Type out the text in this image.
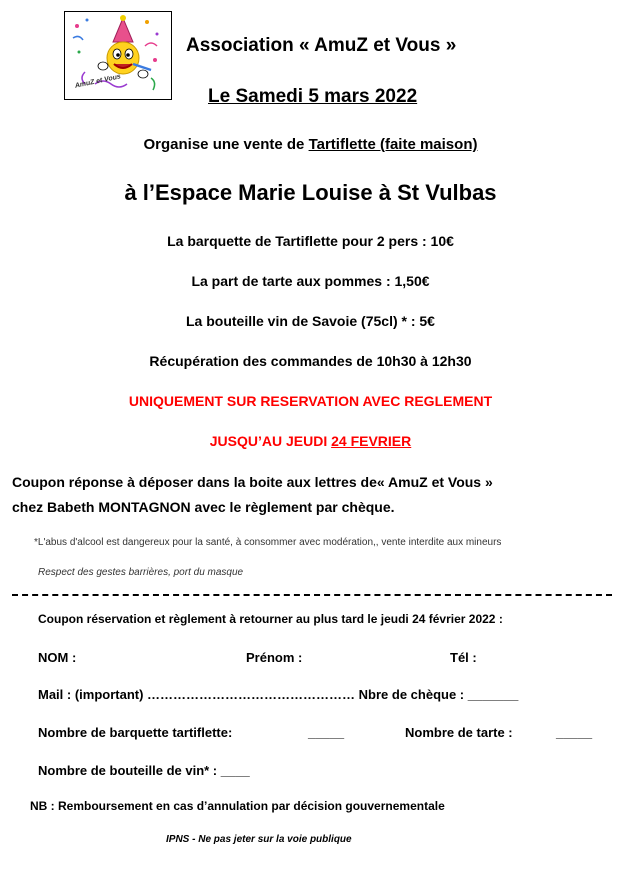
AmuZ et Vous
Association « AmuZ et Vous »
Le Samedi 5 mars 2022
Organise une vente de Tartiflette (faite maison)
à l’Espace Marie Louise à St Vulbas
La barquette de Tartiflette pour 2 pers : 10€
La part de tarte aux pommes : 1,50€
La bouteille vin de Savoie (75cl) * : 5€
Récupération des commandes de 10h30 à 12h30
UNIQUEMENT SUR RESERVATION AVEC REGLEMENT
JUSQU’AU JEUDI 24 FEVRIER
Coupon réponse à déposer dans la boite aux lettres de« AmuZ et Vous »
chez Babeth MONTAGNON avec le règlement par chèque.
*L'abus d'alcool est dangereux pour la santé, à consommer avec modération,, vente interdite aux mineurs
Respect des gestes barrières, port du masque
Coupon réservation et règlement à retourner au plus tard le jeudi 24 février 2022 :
NOM :	Prénom :	Tél :
Mail : (important) ………………………………………… Nbre de chèque : _______
Nombre de barquette tartiflette:	_____	Nombre de tarte :	_____
Nombre de bouteille de vin* : ____
NB : Remboursement en cas d’annulation par décision gouvernementale
IPNS - Ne pas jeter sur la voie publique
